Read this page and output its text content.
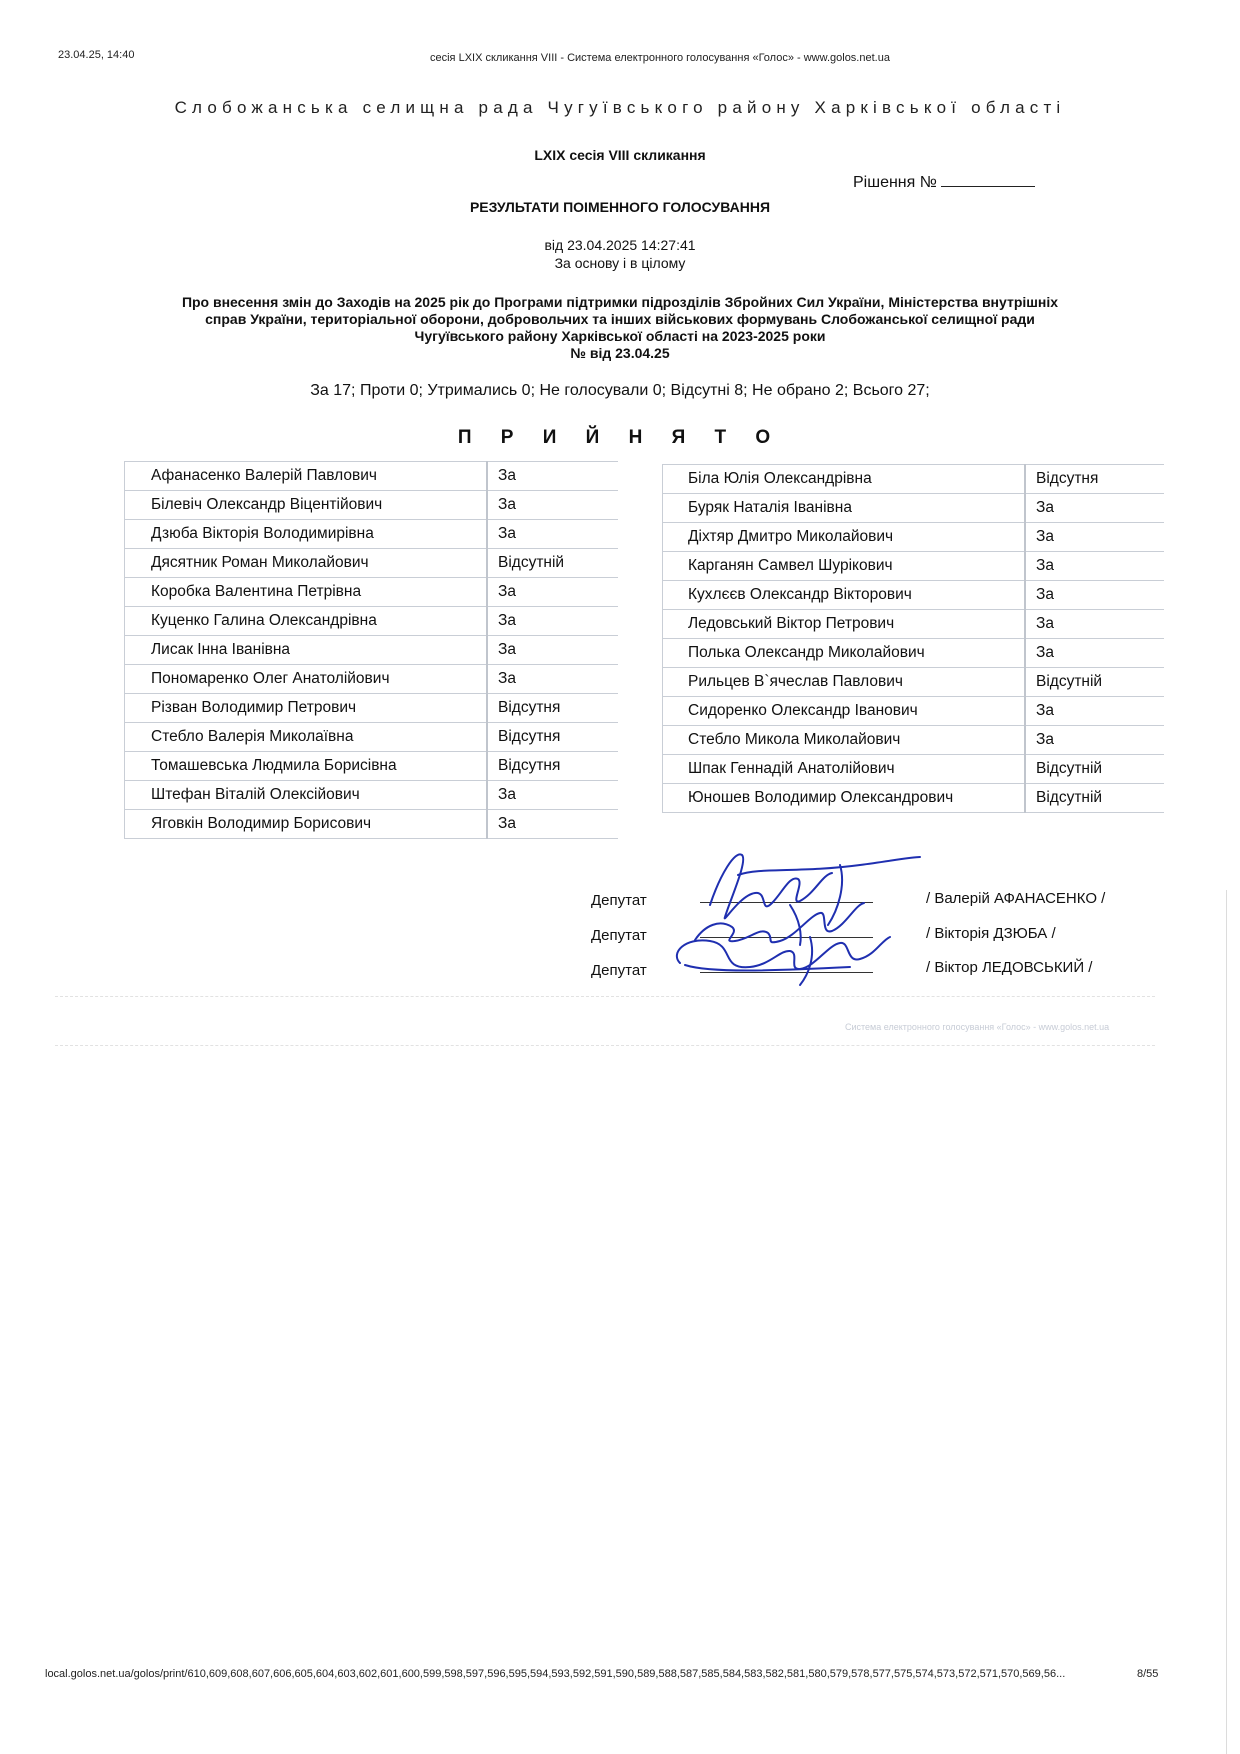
23.04.25, 14:40	сесія LXIX скликання VIII - Система електронного голосування «Голос» - www.golos.net.ua
Слобожанська селищна рада Чугуївського району Харківської області
LXIX сесія VIII скликання
Рішення №
РЕЗУЛЬТАТИ ПОІМЕННОГО ГОЛОСУВАННЯ
від 23.04.2025 14:27:41
За основу і в цілому
Про внесення змін до Заходів на 2025 рік до Програми підтримки підрозділів Збройних Сил України, Міністерства внутрішніх
справ України, територіальної оборони, добровольчих та інших військових формувань Слобожанської селищної ради
Чугуївського району Харківської області на 2023-2025 роки
№ від 23.04.25
За 17; Проти 0; Утримались 0; Не голосували 0; Відсутні 8; Не обрано 2; Всього 27;
П Р И Й Н Я Т О
Афанасенко Валерій Павлович	За
Білевіч Олександр Віцентійович	За
Дзюба Вікторія Володимирівна	За
Дясятник Роман Миколайович	Відсутній
Коробка Валентина Петрівна	За
Куценко Галина Олександрівна	За
Лисак Інна Іванівна	За
Пономаренко Олег Анатолійович	За
Різван Володимир Петрович	Відсутня
Стебло Валерія Миколаївна	Відсутня
Томашевська Людмила Борисівна	Відсутня
Штефан Віталій Олексійович	За
Яговкін Володимир Борисович	За
Біла Юлія Олександрівна	Відсутня
Буряк Наталія Іванівна	За
Діхтяр Дмитро Миколайович	За
Карганян Самвел Шурікович	За
Кухлєєв Олександр Вікторович	За
Ледовський Віктор Петрович	За
Полька Олександр Миколайович	За
Рильцев В`ячеслав Павлович	Відсутній
Сидоренко Олександр Іванович	За
Стебло Микола Миколайович	За
Шпак Геннадій Анатолійович	Відсутній
Юношев Володимир Олександрович	Відсутній
Депутат	/ Валерій АФАНАСЕНКО /
Депутат	/ Вікторія ДЗЮБА /
Депутат	/ Віктор ЛЕДОВСЬКИЙ /
Система електронного голосування «Голос» - www.golos.net.ua
local.golos.net.ua/golos/print/610,609,608,607,606,605,604,603,602,601,600,599,598,597,596,595,594,593,592,591,590,589,588,587,585,584,583,582,581,580,579,578,577,575,574,573,572,571,570,569,56...	8/55
